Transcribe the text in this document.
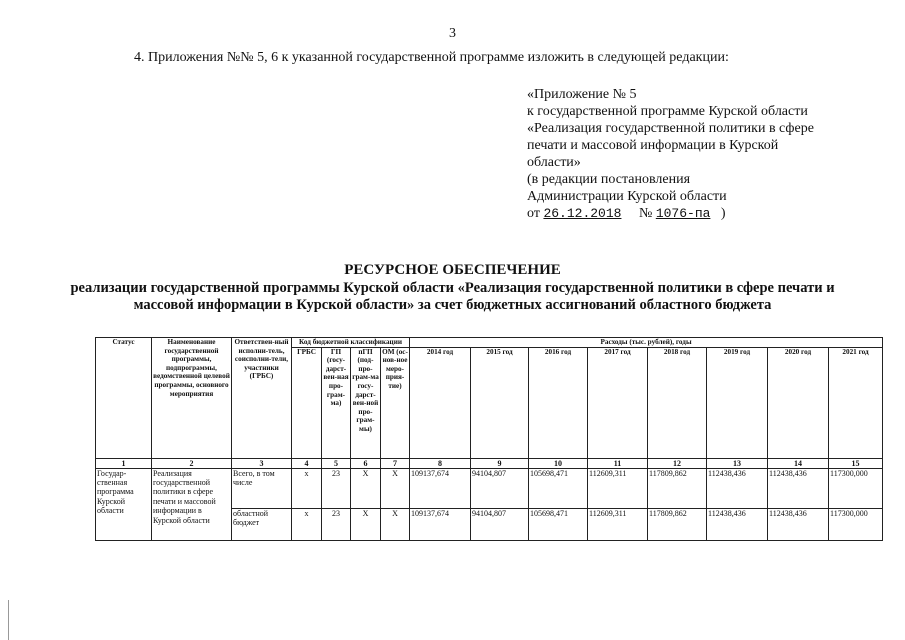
3
4. Приложения №№ 5, 6 к указанной государственной программе изложить в следующей редакции:
«Приложение № 5
к государственной программе Курской области
«Реализация государственной политики в сфере
печати и массовой информации в Курской
области»
(в редакции постановления
Администрации Курской области
от 26.12.2018 № 1076-па )
РЕСУРСНОЕ ОБЕСПЕЧЕНИЕ
реализации государственной программы Курской области «Реализация государственной политики в сфере печати и массовой информации в Курской области» за счет бюджетных ассигнований областного бюджета
Статус	Наименование государственной программы, подпрограммы, ведомственной целевой программы, основного мероприятия	Ответствен-ный исполни-тель, соисполни-тели, участники (ГРБС)	Код бюджетной классификации				Расходы (тыс. рублей), годы							
			ГРБС	ГП (госу-дарст-вен-ная про-грам-ма)	пГП (под-про-грам-ма госу-дарст-вен-ной про-грам-мы)	ОМ (ос-нов-ное меро-прия-тие)	2014 год	2015 год	2016 год	2017 год	2018 год	2019 год	2020 год	2021 год
1	2	3	4	5	6	7	8	9	10	11	12	13	14	15
Государ-ственная программа Курской области	Реализация государственной политики в сфере печати и массовой информации в Курской области	Всего, в том числе	х	23	Х	Х	109137,674	94104,807	105698,471	112609,311	117809,862	112438,436	112438,436	117300,000
		областной бюджет	х	23	Х	Х	109137,674	94104,807	105698,471	112609,311	117809,862	112438,436	112438,436	117300,000
